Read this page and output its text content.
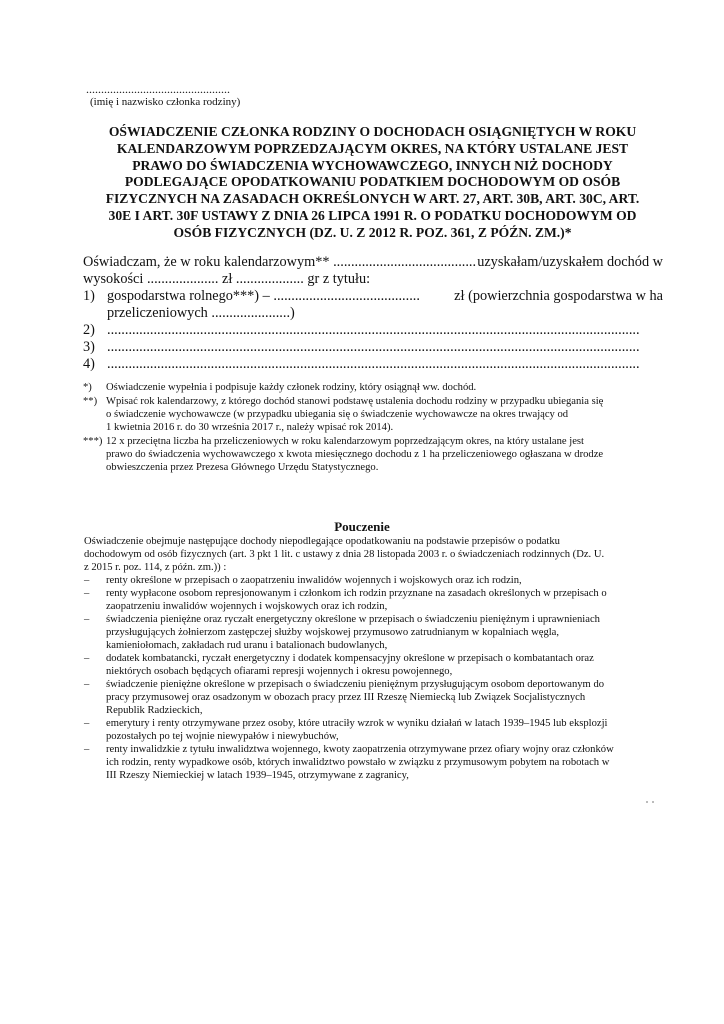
................................................
(imię i nazwisko członka rodziny)
OŚWIADCZENIE CZŁONKA RODZINY O DOCHODACH OSIĄGNIĘTYCH W ROKU
KALENDARZOWYM POPRZEDZAJĄCYM OKRES, NA KTÓRY USTALANE JEST
PRAWO DO ŚWIADCZENIA WYCHOWAWCZEGO, INNYCH NIŻ DOCHODY
PODLEGAJĄCE OPODATKOWANIU PODATKIEM DOCHODOWYM OD OSÓB
FIZYCZNYCH NA ZASADACH OKREŚLONYCH W ART. 27, ART. 30B, ART. 30C, ART.
30E I ART. 30F USTAWY Z DNIA 26 LIPCA 1991 R. O PODATKU DOCHODOWYM OD
OSÓB FIZYCZNYCH (DZ. U. Z 2012 R. POZ. 361, Z PÓŹN. ZM.)*
Oświadczam, że w roku kalendarzowym** ........................................ uzyskałam/uzyskałem dochód w
wysokości .................... zł ................... gr z tytułu:
1) gospodarstwa rolnego***) – ......................................... zł (powierzchnia gospodarstwa w ha
przeliczeniowych ......................)
2) .....................................................................................................................................................
3) .....................................................................................................................................................
4) .....................................................................................................................................................
*)	Oświadczenie wypełnia i podpisuje każdy członek rodziny, który osiągnął ww. dochód.
**) Wpisać rok kalendarzowy, z którego dochód stanowi podstawę ustalenia dochodu rodziny w przypadku ubiegania się
o świadczenie wychowawcze (w przypadku ubiegania się o świadczenie wychowawcze na okres trwający od
1 kwietnia 2016 r. do 30 września 2017 r., należy wpisać rok 2014).
***) 12 x przeciętna liczba ha przeliczeniowych w roku kalendarzowym poprzedzającym okres, na który ustalane jest
prawo do świadczenia wychowawczego x kwota miesięcznego dochodu z 1 ha przeliczeniowego ogłaszana w drodze
obwieszczenia przez Prezesa Głównego Urzędu Statystycznego.
Pouczenie
Oświadczenie obejmuje następujące dochody niepodlegające opodatkowaniu na podstawie przepisów o podatku
dochodowym od osób fizycznych (art. 3 pkt 1 lit. c ustawy z dnia 28 listopada 2003 r. o świadczeniach rodzinnych (Dz. U.
z 2015 r. poz. 114, z późn. zm.)) :
–	renty określone w przepisach o zaopatrzeniu inwalidów wojennych i wojskowych oraz ich rodzin,
–	renty wypłacone osobom represjonowanym i członkom ich rodzin przyznane na zasadach określonych w przepisach o
zaopatrzeniu inwalidów wojennych i wojskowych oraz ich rodzin,
–	świadczenia pieniężne oraz ryczałt energetyczny określone w przepisach o świadczeniu pieniężnym i uprawnieniach
przysługujących żołnierzom zastępczej służby wojskowej przymusowo zatrudnianym w kopalniach węgla,
kamieniołomach, zakładach rud uranu i batalionach budowlanych,
–	dodatek kombatancki, ryczałt energetyczny i dodatek kompensacyjny określone w przepisach o kombatantach oraz
niektórych osobach będących ofiarami represji wojennych i okresu powojennego,
–	świadczenie pieniężne określone w przepisach o świadczeniu pieniężnym przysługującym osobom deportowanym do
pracy przymusowej oraz osadzonym w obozach pracy przez III Rzeszę Niemiecką lub Związek Socjalistycznych
Republik Radzieckich,
–	emerytury i renty otrzymywane przez osoby, które utraciły wzrok w wyniku działań w latach 1939–1945 lub eksplozji
pozostałych po tej wojnie niewypałów i niewybuchów,
–	renty inwalidzkie z tytułu inwalidztwa wojennego, kwoty zaopatrzenia otrzymywane przez ofiary wojny oraz członków
ich rodzin, renty wypadkowe osób, których inwalidztwo powstało w związku z przymusowym pobytem na robotach w
III Rzeszy Niemieckiej w latach 1939–1945, otrzymywane z zagranicy,
